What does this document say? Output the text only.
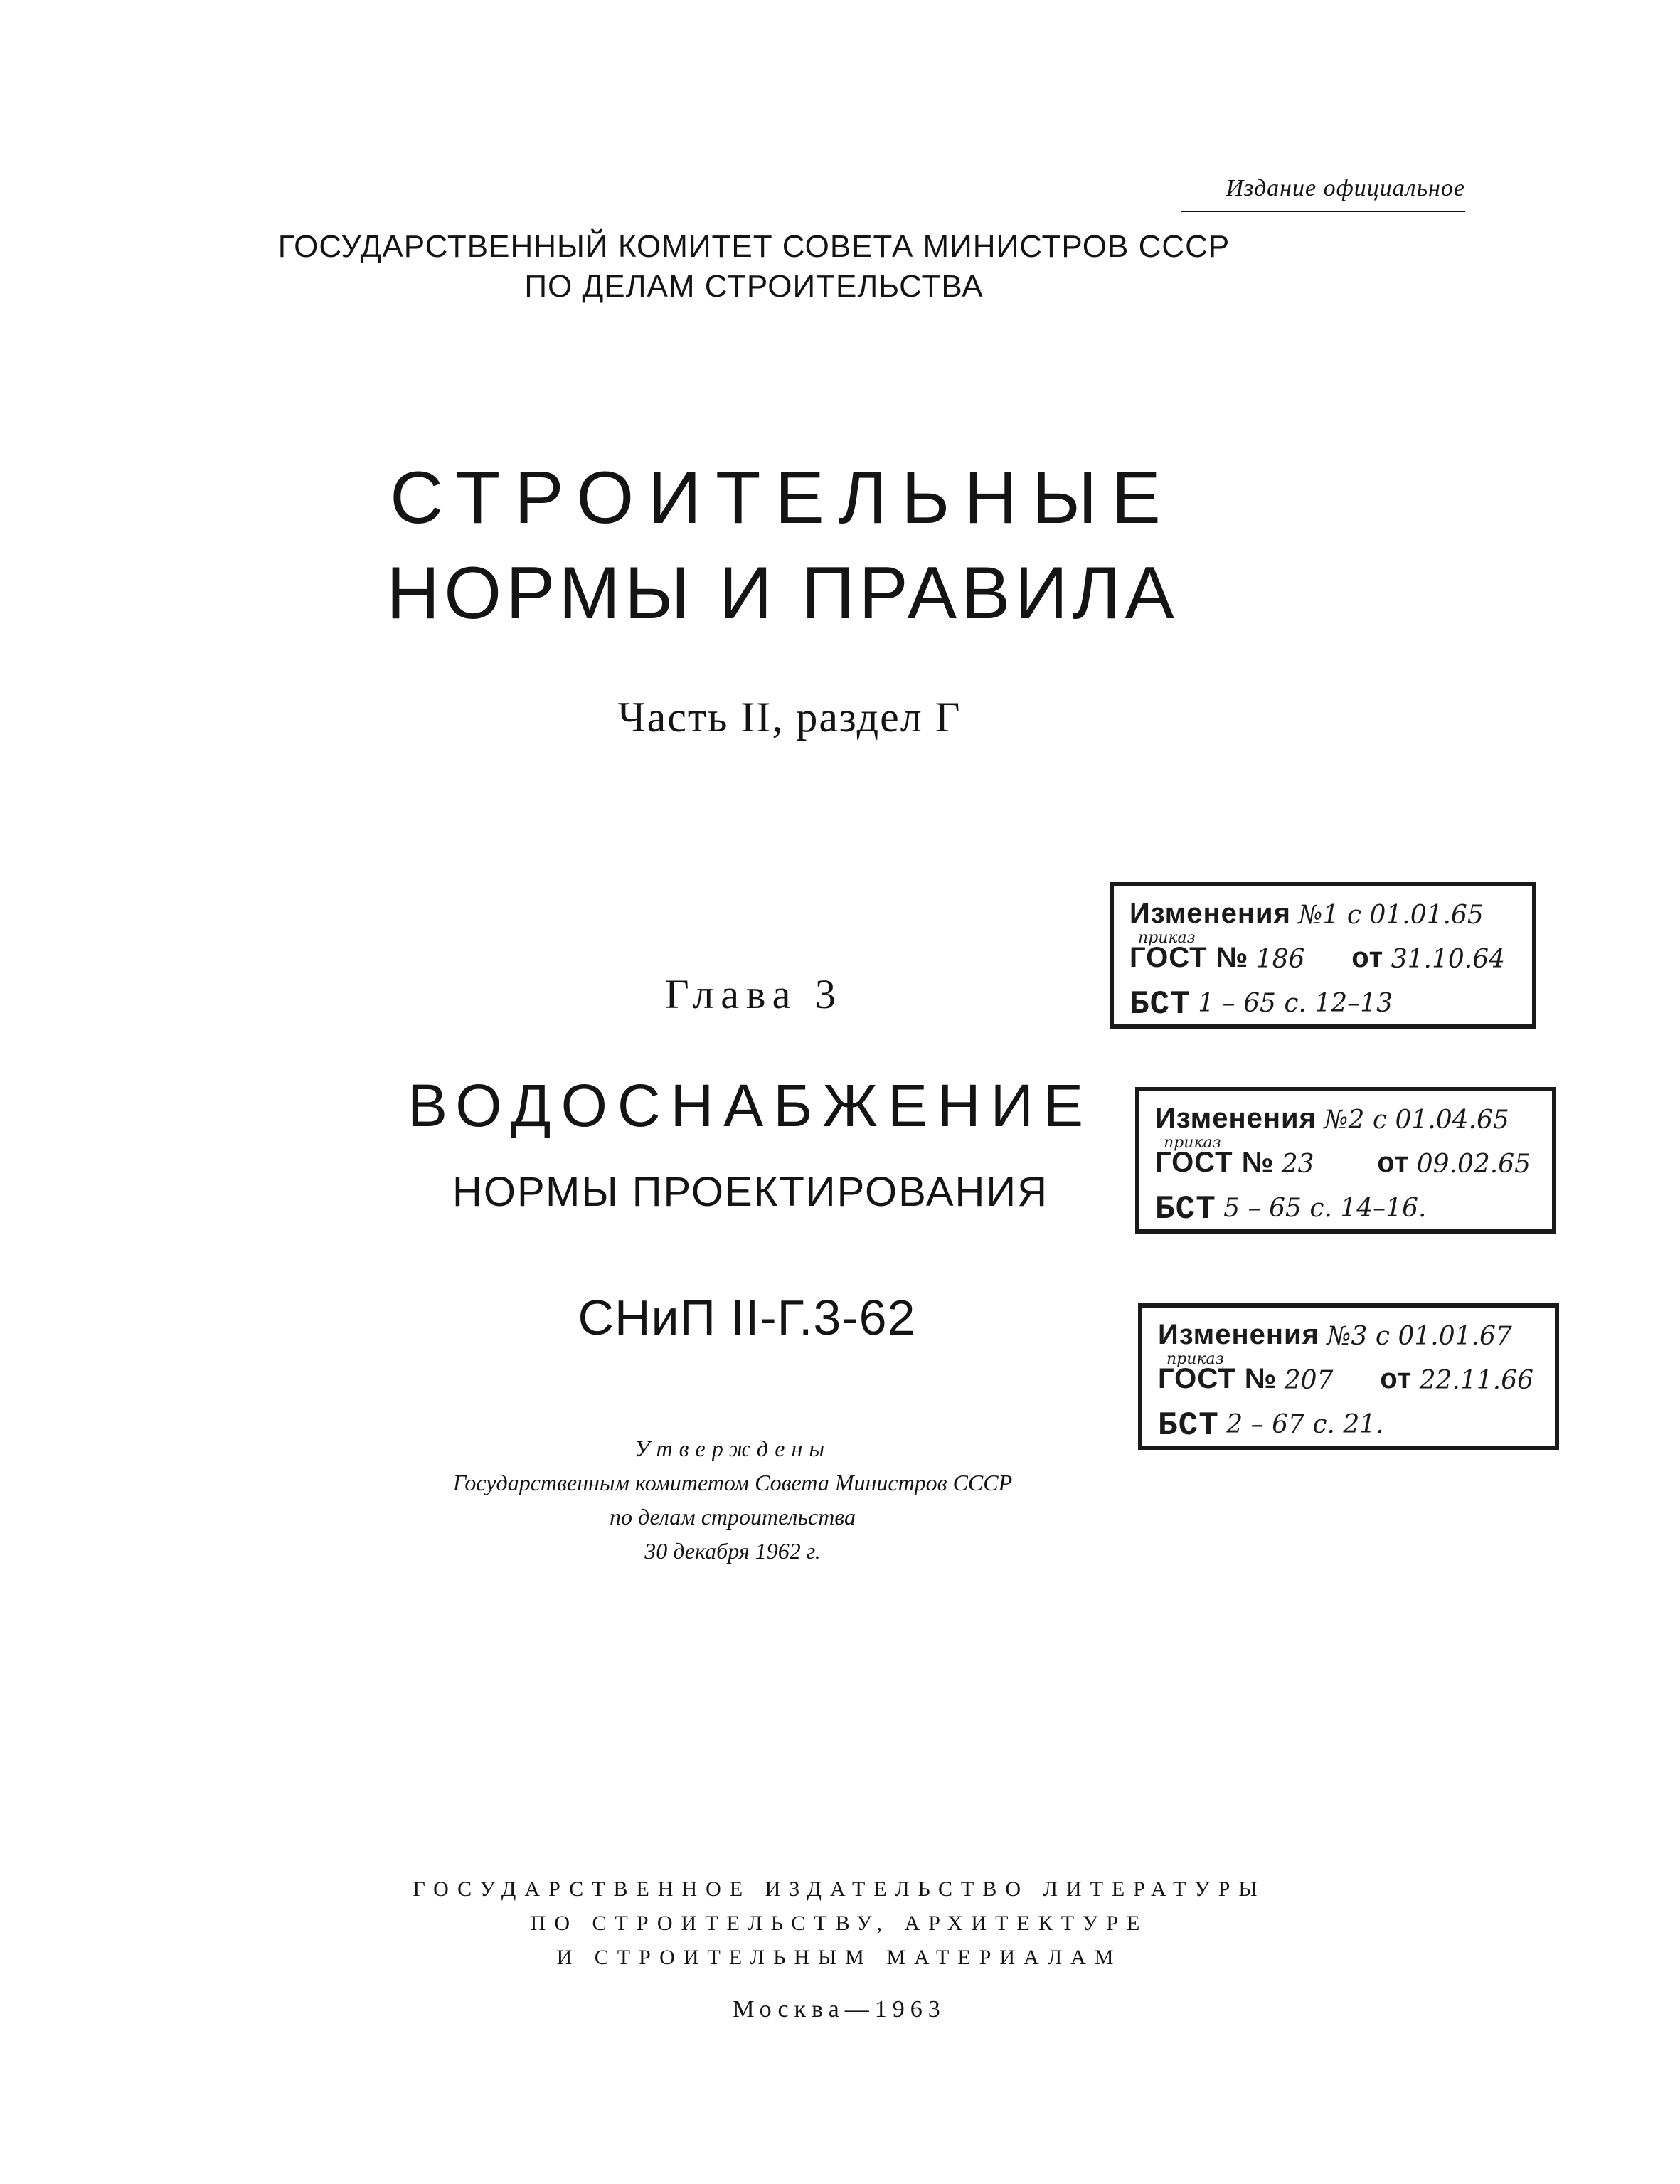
Издание официальное
ГОСУДАРСТВЕННЫЙ КОМИТЕТ СОВЕТА МИНИСТРОВ СССР
ПО ДЕЛАМ СТРОИТЕЛЬСТВА
СТРОИТЕЛЬНЫЕ
НОРМЫ И ПРАВИЛА
Часть II, раздел Г
Глава 3
ВОДОСНАБЖЕНИЕ
НОРМЫ ПРОЕКТИРОВАНИЯ
СНиП II-Г.3-62
Утверждены
Государственным комитетом Совета Министров СССР
по делам строительства
30 декабря 1962 г.
ГОСУДАРСТВЕННОЕ ИЗДАТЕЛЬСТВО ЛИТЕРАТУРЫ
ПО СТРОИТЕЛЬСТВУ, АРХИТЕКТУРЕ
И СТРОИТЕЛЬНЫМ МАТЕРИАЛАМ
Москва—1963
Изменения №1 с 01.01.65
приказ
ГОСТ № 186 от 31.10.64
БСТ 1 – 65 с. 12–13
Изменения №2 с 01.04.65
приказ
ГОСТ № 23 от 09.02.65
БСТ 5 – 65 с. 14–16.
Изменения №3 с 01.01.67
приказ
ГОСТ № 207 от 22.11.66
БСТ 2 – 67 с. 21.
